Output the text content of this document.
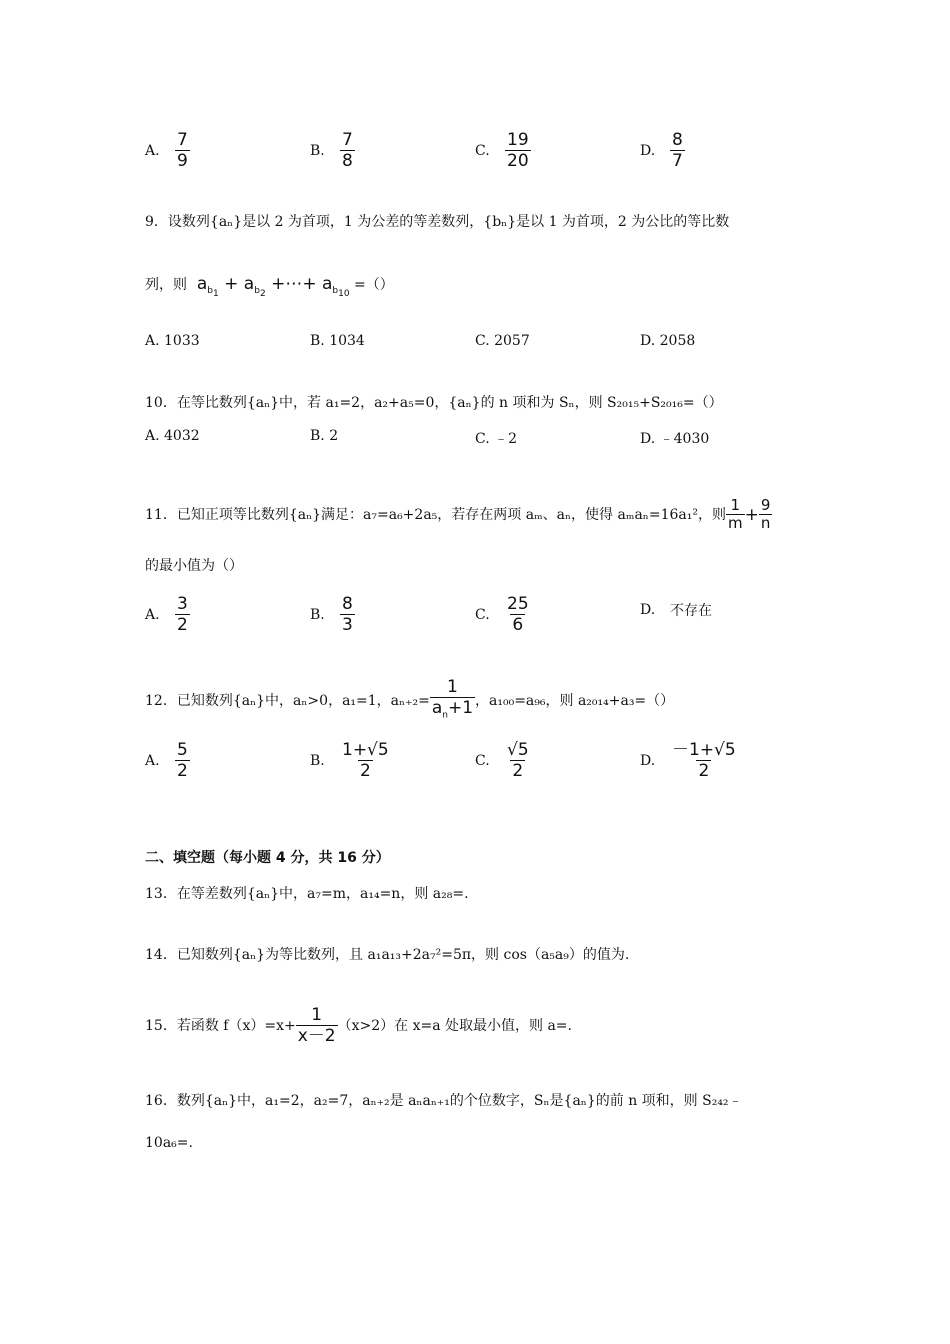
A. $\frac{7}{9}$	B. $\frac{7}{8}$	C. $\frac{19}{20}$	D. $\frac{8}{7}$
9．设数列{aₙ}是以 2 为首项，1 为公差的等差数列，{bₙ}是以 1 为首项，2 为公比的等比数
列，则  $a_{b_1} + a_{b_2}$ +⋯+ $a_{b_{10}}$ =（）
A. 1033	B. 1034	C. 2057	D. 2058
10．在等比数列{aₙ}中，若 a₁=2，a₂+a₅=0，{aₙ}的 n 项和为 Sₙ，则 S₂₀₁₅+S₂₀₁₆=（）
A. 4032	B. 2	C. ﹣2	D. ﹣4030
11．已知正项等比数列{aₙ}满足：a₇=a₆+2a₅，若存在两项 aₘ、aₙ，使得 aₘaₙ=16a₁²，则 $\frac{1}{m} + \frac{9}{n}$
的最小值为（）
A. $\frac{3}{2}$	B. $\frac{8}{3}$	C. $\frac{25}{6}$	D.	不存在
12．已知数列{aₙ}中，aₙ>0，a₁=1，$a_{n+2}= \frac{1}{a_n+1}$ ，a₁₀₀=a₉₆，则 a₂₀₁₄+a₃=（）
A. $\frac{5}{2}$	B. $\frac{1+√5}{2}$	C. $\frac{√5}{2}$	D. $\frac{-1+√5}{2}$
二、填空题（每小题 4 分，共 16 分）
13．在等差数列{aₙ}中，a₇=m，a₁₄=n，则 a₂₈=.
14．已知数列{aₙ}为等比数列，且 a₁a₁₃+2a₇²=5π，则 cos（a₅a₉）的值为.
15．若函数 $f(x)=x+ \frac{1}{x-2} (x>2)$在 x=a 处取最小值，则 a=.
16．数列{aₙ}中，a₁=2，a₂=7，aₙ₊₂是 aₙaₙ₊₁的个位数字，Sₙ是{aₙ}的前 n 项和，则 S₂₄₂﹣
10a₆=.
